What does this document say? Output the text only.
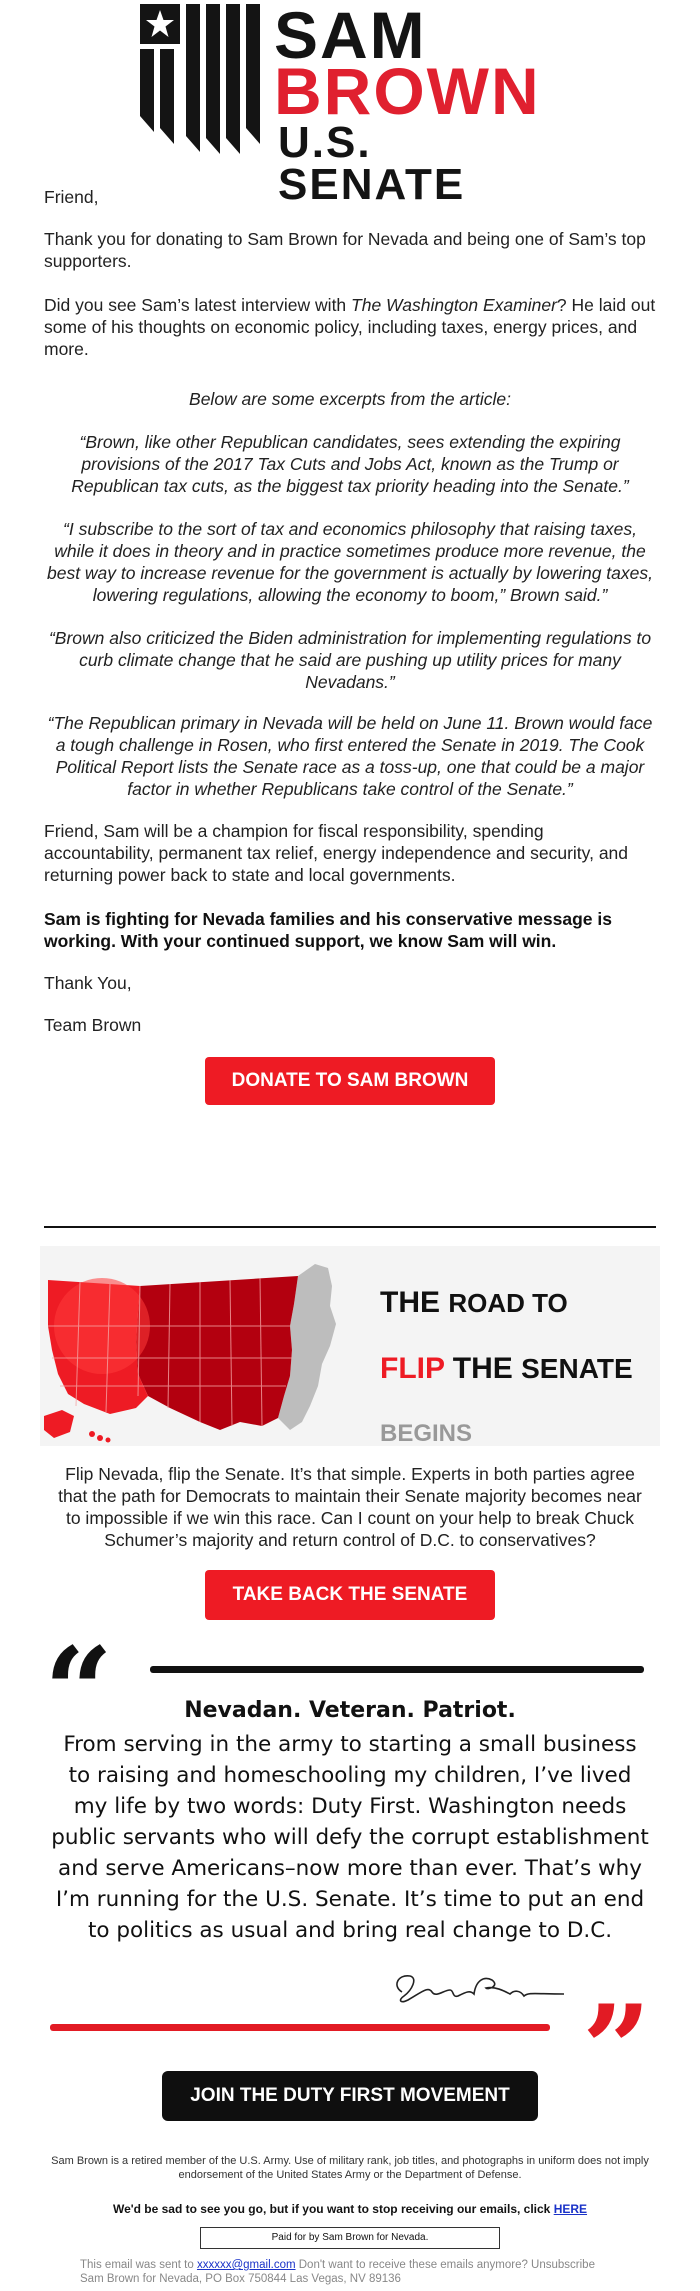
SAM
BROWN
U.S. SENATE

Friend,

Thank you for donating to Sam Brown for Nevada and being one of Sam’s top supporters.

Did you see Sam’s latest interview with The Washington Examiner? He laid out some of his thoughts on economic policy, including taxes, energy prices, and more.

Below are some excerpts from the article:

“Brown, like other Republican candidates, sees extending the expiring provisions of the 2017 Tax Cuts and Jobs Act, known as the Trump or Republican tax cuts, as the biggest tax priority heading into the Senate.”

“I subscribe to the sort of tax and economics philosophy that raising taxes, while it does in theory and in practice sometimes produce more revenue, the best way to increase revenue for the government is actually by lowering taxes, lowering regulations, allowing the economy to boom,” Brown said.”

“Brown also criticized the Biden administration for implementing regulations to curb climate change that he said are pushing up utility prices for many Nevadans.”

“The Republican primary in Nevada will be held on June 11. Brown would face a tough challenge in Rosen, who first entered the Senate in 2019. The Cook Political Report lists the Senate race as a toss-up, one that could be a major factor in whether Republicans take control of the Senate.”

Friend, Sam will be a champion for fiscal responsibility, spending accountability, permanent tax relief, energy independence and security, and returning power back to state and local governments.

Sam is fighting for Nevada families and his conservative message is working. With your continued support, we know Sam will win.

Thank You,

Team Brown

DONATE TO SAM BROWN
THE ROAD TO
FLIP THE SENATE
BEGINS

Flip Nevada, flip the Senate. It’s that simple. Experts in both parties agree that the path for Democrats to maintain their Senate majority becomes near to impossible if we win this race. Can I count on your help to break Chuck Schumer’s majority and return control of D.C. to conservatives?

TAKE BACK THE SENATE
“	Nevadan. Veteran. Patriot.
From serving in the army to starting a small business to raising and homeschooling my children, I’ve lived my life by two words: Duty First. Washington needs public servants who will defy the corrupt establishment and serve Americans–now more than ever. That’s why I’m running for the U.S. Senate. It’s time to put an end to politics as usual and bring real change to D.C.
”
JOIN THE DUTY FIRST MOVEMENT
Sam Brown is a retired member of the U.S. Army. Use of military rank, job titles, and photographs in uniform does not imply endorsement of the United States Army or the Department of Defense.
We'd be sad to see you go, but if you want to stop receiving our emails, click HERE
Paid for by Sam Brown for Nevada.
This email was sent to xxxxxx@gmail.com Don't want to receive these emails anymore? Unsubscribe
Sam Brown for Nevada, PO Box 750844 Las Vegas, NV 89136
